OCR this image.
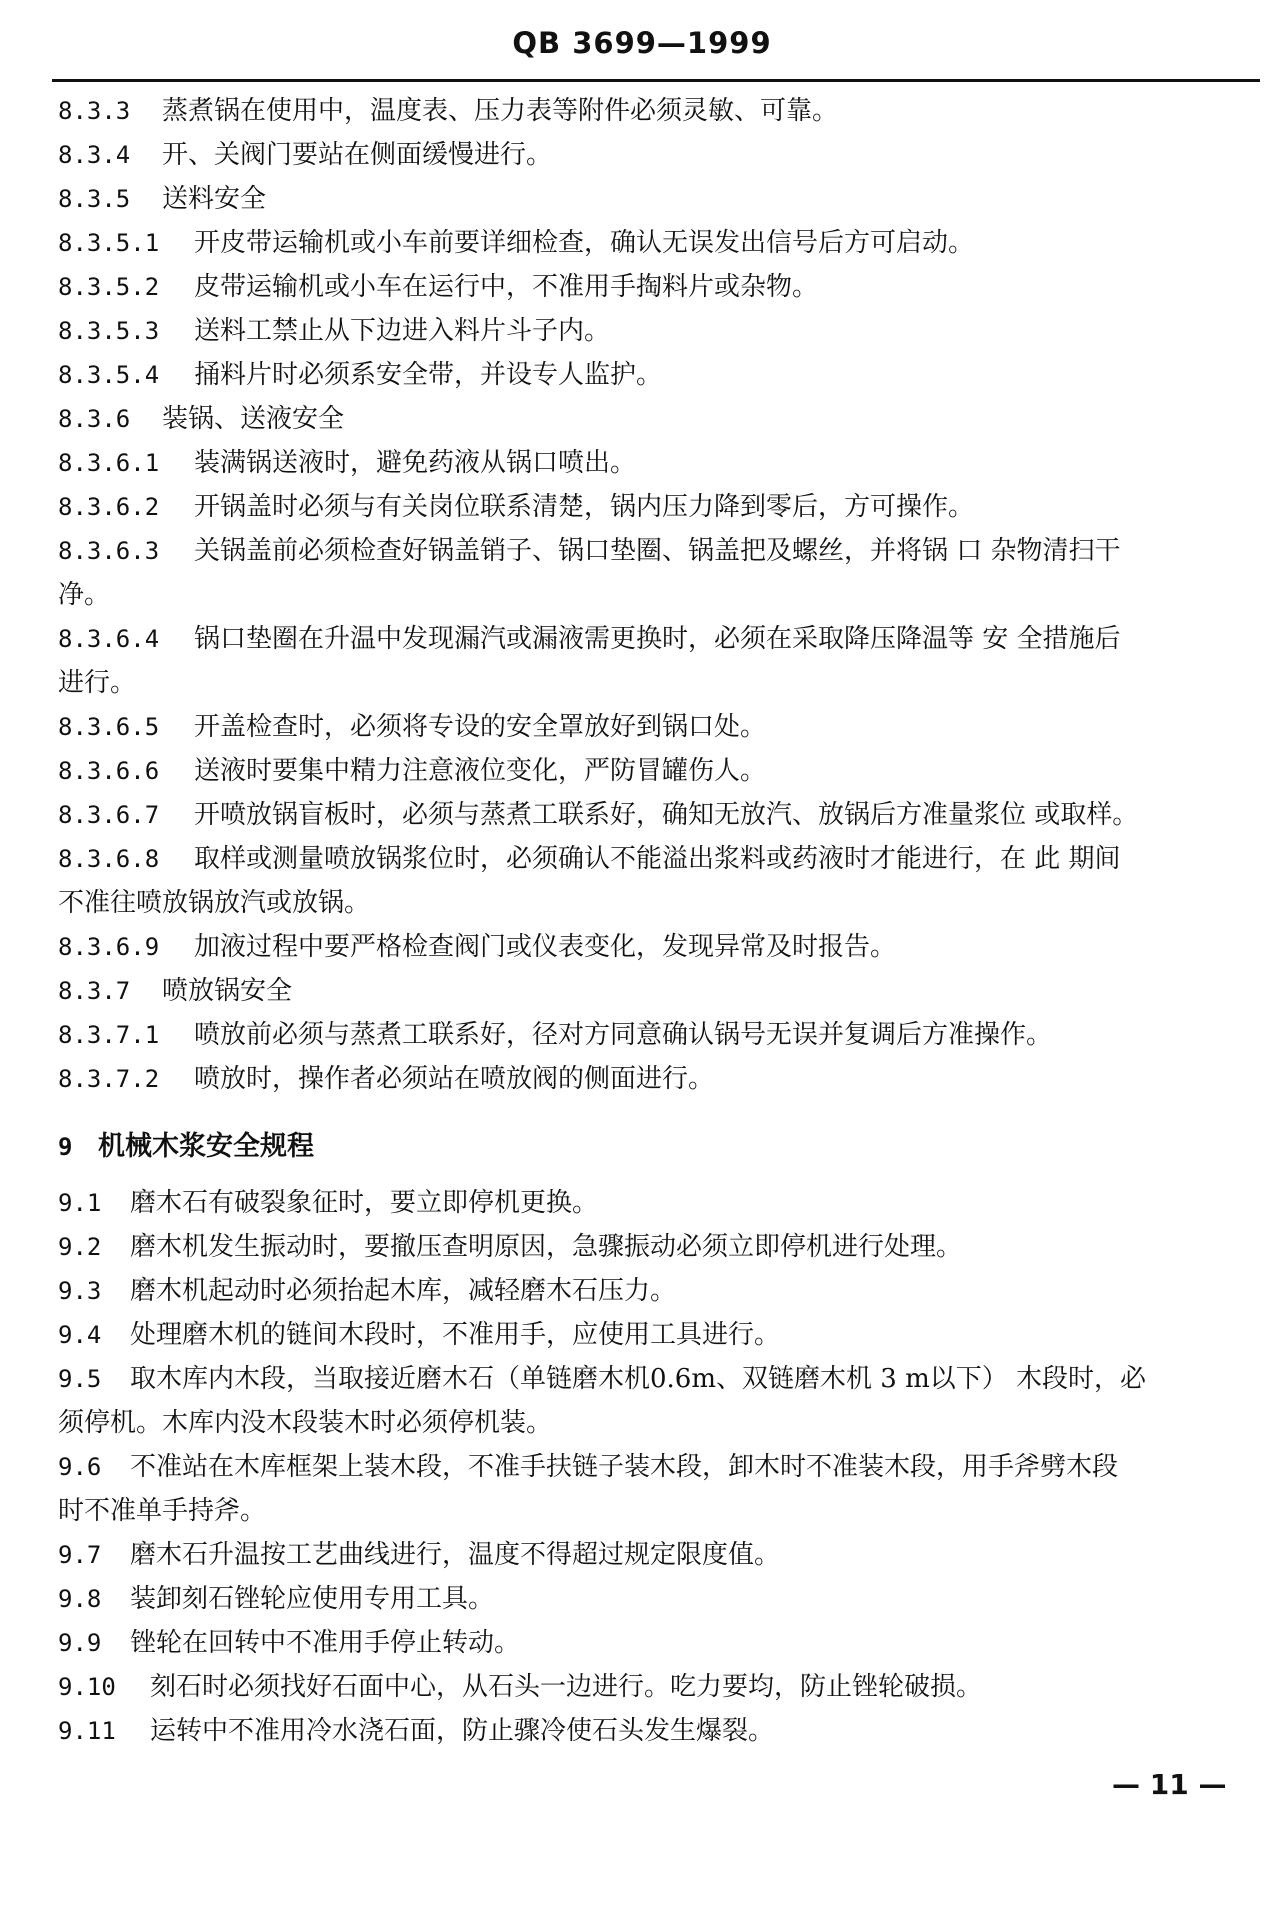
QB 3699—1999
8.3.3 蒸煮锅在使用中，温度表、压力表等附件必须灵敏、可靠。
8.3.4 开、关阀门要站在侧面缓慢进行。
8.3.5 送料安全
8.3.5.1 开皮带运输机或小车前要详细检查，确认无误发出信号后方可启动。
8.3.5.2 皮带运输机或小车在运行中，不准用手掏料片或杂物。
8.3.5.3 送料工禁止从下边进入料片斗子内。
8.3.5.4 捅料片时必须系安全带，并设专人监护。
8.3.6 装锅、送液安全
8.3.6.1 装满锅送液时，避免药液从锅口喷出。
8.3.6.2 开锅盖时必须与有关岗位联系清楚，锅内压力降到零后，方可操作。
8.3.6.3 关锅盖前必须检查好锅盖销子、锅口垫圈、锅盖把及螺丝，并将锅 口 杂物清扫干
净。
8.3.6.4 锅口垫圈在升温中发现漏汽或漏液需更换时，必须在采取降压降温等 安 全措施后
进行。
8.3.6.5 开盖检查时，必须将专设的安全罩放好到锅口处。
8.3.6.6 送液时要集中精力注意液位变化，严防冒罐伤人。
8.3.6.7 开喷放锅盲板时，必须与蒸煮工联系好，确知无放汽、放锅后方准量浆位 或取样。
8.3.6.8 取样或测量喷放锅浆位时，必须确认不能溢出浆料或药液时才能进行，在 此 期间
不准往喷放锅放汽或放锅。
8.3.6.9 加液过程中要严格检查阀门或仪表变化，发现异常及时报告。
8.3.7 喷放锅安全
8.3.7.1 喷放前必须与蒸煮工联系好，径对方同意确认锅号无误并复调后方准操作。
8.3.7.2 喷放时，操作者必须站在喷放阀的侧面进行。
9 机械木浆安全规程
9.1 磨木石有破裂象征时，要立即停机更换。
9.2 磨木机发生振动时，要撤压查明原因，急骤振动必须立即停机进行处理。
9.3 磨木机起动时必须抬起木库，减轻磨木石压力。
9.4 处理磨木机的链间木段时，不准用手，应使用工具进行。
9.5 取木库内木段，当取接近磨木石（单链磨木机0.6m、双链磨木机 3 m以下） 木段时，必
须停机。木库内没木段装木时必须停机装。
9.6 不准站在木库框架上装木段，不准手扶链子装木段，卸木时不准装木段，用手斧劈木段
时不准单手持斧。
9.7 磨木石升温按工艺曲线进行，温度不得超过规定限度值。
9.8 装卸刻石锉轮应使用专用工具。
9.9 锉轮在回转中不准用手停止转动。
9.10 刻石时必须找好石面中心，从石头一边进行。吃力要均，防止锉轮破损。
9.11 运转中不准用冷水浇石面，防止骤冷使石头发生爆裂。
— 11 —
